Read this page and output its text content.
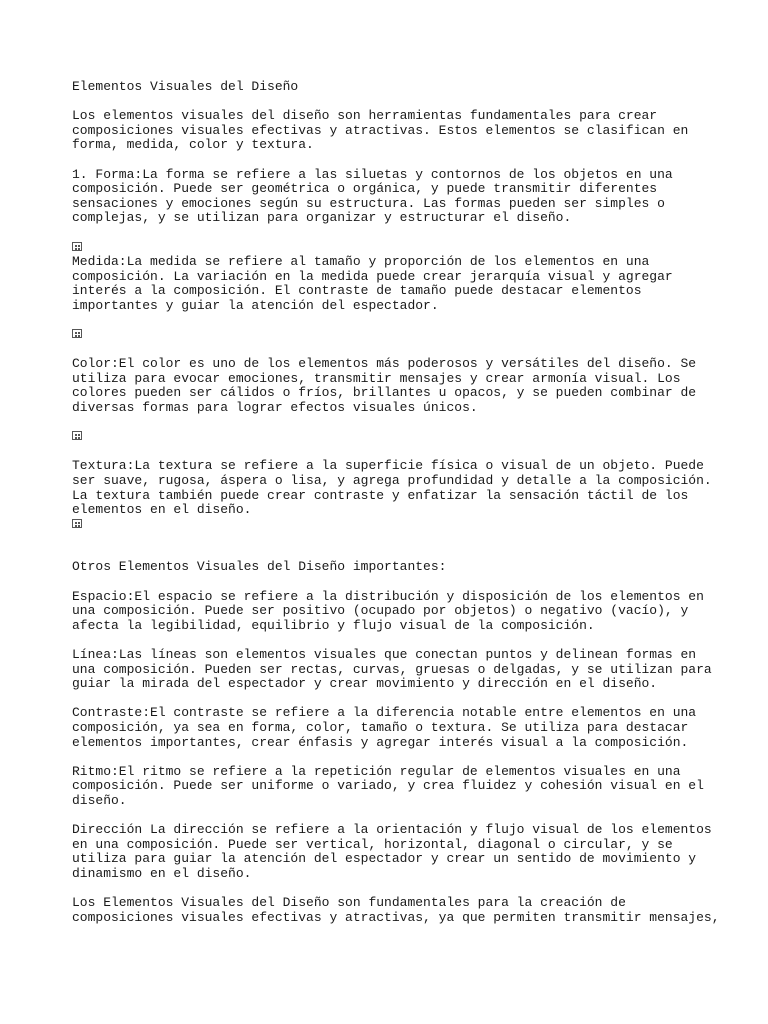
Elementos Visuales del Diseño

Los elementos visuales del diseño son herramientas fundamentales para crear
composiciones visuales efectivas y atractivas. Estos elementos se clasifican en
forma, medida, color y textura.

1. Forma:La forma se refiere a las siluetas y contornos de los objetos en una
composición. Puede ser geométrica o orgánica, y puede transmitir diferentes
sensaciones y emociones según su estructura. Las formas pueden ser simples o
complejas, y se utilizan para organizar y estructurar el diseño.

Medida:La medida se refiere al tamaño y proporción de los elementos en una
composición. La variación en la medida puede crear jerarquía visual y agregar
interés a la composición. El contraste de tamaño puede destacar elementos
importantes y guiar la atención del espectador.

Color:El color es uno de los elementos más poderosos y versátiles del diseño. Se
utiliza para evocar emociones, transmitir mensajes y crear armonía visual. Los
colores pueden ser cálidos o fríos, brillantes u opacos, y se pueden combinar de
diversas formas para lograr efectos visuales únicos.

Textura:La textura se refiere a la superficie física o visual de un objeto. Puede
ser suave, rugosa, áspera o lisa, y agrega profundidad y detalle a la composición.
La textura también puede crear contraste y enfatizar la sensación táctil de los
elementos en el diseño.

Otros Elementos Visuales del Diseño importantes:

Espacio:El espacio se refiere a la distribución y disposición de los elementos en
una composición. Puede ser positivo (ocupado por objetos) o negativo (vacío), y
afecta la legibilidad, equilibrio y flujo visual de la composición.

Línea:Las líneas son elementos visuales que conectan puntos y delinean formas en
una composición. Pueden ser rectas, curvas, gruesas o delgadas, y se utilizan para
guiar la mirada del espectador y crear movimiento y dirección en el diseño.

Contraste:El contraste se refiere a la diferencia notable entre elementos en una
composición, ya sea en forma, color, tamaño o textura. Se utiliza para destacar
elementos importantes, crear énfasis y agregar interés visual a la composición.

Ritmo:El ritmo se refiere a la repetición regular de elementos visuales en una
composición. Puede ser uniforme o variado, y crea fluidez y cohesión visual en el
diseño.

Dirección La dirección se refiere a la orientación y flujo visual de los elementos
en una composición. Puede ser vertical, horizontal, diagonal o circular, y se
utiliza para guiar la atención del espectador y crear un sentido de movimiento y
dinamismo en el diseño.

Los Elementos Visuales del Diseño son fundamentales para la creación de
composiciones visuales efectivas y atractivas, ya que permiten transmitir mensajes,
